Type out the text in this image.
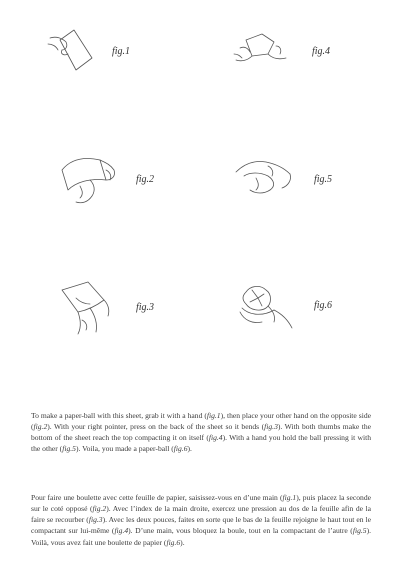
fig.1	fig.4
fig.2	fig.5
fig.3	fig.6

To make a paper-ball with this sheet, grab it with a hand (fig.1), then place your other hand on the opposite side (fig.2). With your right pointer, press on the back of the sheet so it bends (fig.3). With both thumbs make the bottom of the sheet reach the top compacting it on itself (fig.4). With a hand you hold the ball pressing it with the other (fig.5). Voila, you made a paper-ball (fig.6).

Pour faire une boulette avec cette feuille de papier, saisissez-vous en d’une main (fig.1), puis placez la seconde sur le coté opposé (fig.2). Avec l’index de la main droite, exercez une pression au dos de la feuille afin de la faire se recourber (fig.3). Avec les deux pouces, faites en sorte que le bas de la feuille rejoigne le haut tout en le compactant sur lui-même (fig.4). D’une main, vous bloquez la boule, tout en la compactant de l’autre (fig.5). Voilà, vous avez fait une boulette de papier (fig.6).
